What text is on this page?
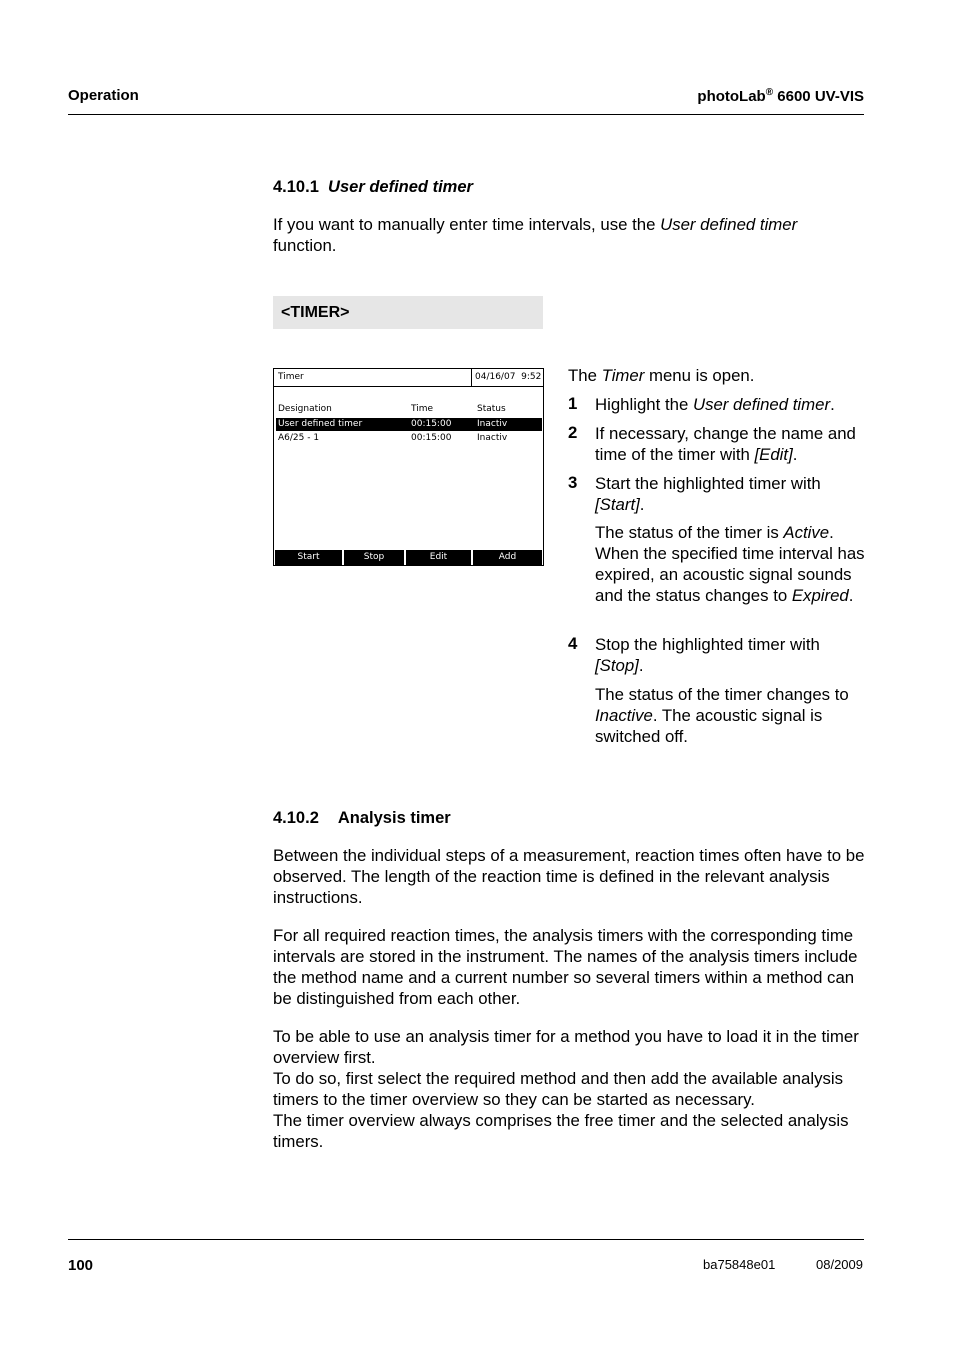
Operation	photoLab® 6600 UV-VIS
4.10.1 User defined timer
If you want to manually enter time intervals, use the User defined timer
function.
<TIMER>
Timer	04/16/07  9:52
Designation	Time	Status
User defined timer	00:15:00	Inactiv
A6/25 - 1	00:15:00	Inactiv
Start	Stop	Edit	Add
The Timer menu is open.
1 Highlight the User defined timer.
2 If necessary, change the name and time of the timer with [Edit].
3 Start the highlighted timer with [Start].
The status of the timer is Active. When the specified time interval has expired, an acoustic signal sounds and the status changes to Expired.
4 Stop the highlighted timer with [Stop].
The status of the timer changes to Inactive. The acoustic signal is switched off.
4.10.2 Analysis timer
Between the individual steps of a measurement, reaction times often have to be observed. The length of the reaction time is defined in the relevant analysis instructions.
For all required reaction times, the analysis timers with the corresponding time intervals are stored in the instrument. The names of the analysis timers include the method name and a current number so several timers within a method can be distinguished from each other.
To be able to use an analysis timer for a method you have to load it in the timer overview first.
To do so, first select the required method and then add the available analysis timers to the timer overview so they can be started as necessary.
The timer overview always comprises the free timer and the selected analysis timers.
100	ba75848e01	08/2009
